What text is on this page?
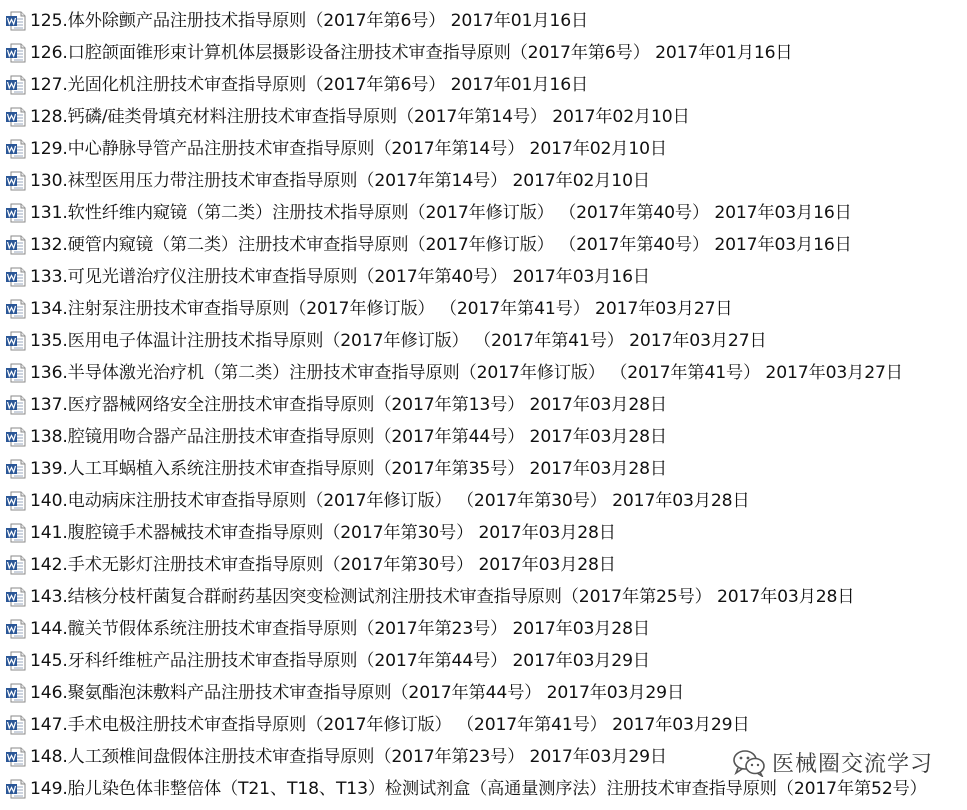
125.体外除颤产品注册技术指导原则（2017年第6号） 2017年01月16日
126.口腔颌面锥形束计算机体层摄影设备注册技术审查指导原则（2017年第6号） 2017年01月16日
127.光固化机注册技术审查指导原则（2017年第6号） 2017年01月16日
128.钙磷/硅类骨填充材料注册技术审查指导原则（2017年第14号） 2017年02月10日
129.中心静脉导管产品注册技术审查指导原则（2017年第14号） 2017年02月10日
130.袜型医用压力带注册技术审查指导原则（2017年第14号） 2017年02月10日
131.软性纤维内窥镜（第二类）注册技术指导原则（2017年修订版） （2017年第40号） 2017年03月16日
132.硬管内窥镜（第二类）注册技术审查指导原则（2017年修订版） （2017年第40号） 2017年03月16日
133.可见光谱治疗仪注册技术审查指导原则（2017年第40号） 2017年03月16日
134.注射泵注册技术审查指导原则（2017年修订版） （2017年第41号） 2017年03月27日
135.医用电子体温计注册技术指导原则（2017年修订版） （2017年第41号） 2017年03月27日
136.半导体激光治疗机（第二类）注册技术审查指导原则（2017年修订版） （2017年第41号） 2017年03月27日
137.医疗器械网络安全注册技术审查指导原则（2017年第13号） 2017年03月28日
138.腔镜用吻合器产品注册技术审查指导原则（2017年第44号） 2017年03月28日
139.人工耳蜗植入系统注册技术审查指导原则（2017年第35号） 2017年03月28日
140.电动病床注册技术审查指导原则（2017年修订版） （2017年第30号） 2017年03月28日
141.腹腔镜手术器械技术审查指导原则（2017年第30号） 2017年03月28日
142.手术无影灯注册技术审查指导原则（2017年第30号） 2017年03月28日
143.结核分枝杆菌复合群耐药基因突变检测试剂注册技术审查指导原则（2017年第25号） 2017年03月28日
144.髋关节假体系统注册技术审查指导原则（2017年第23号） 2017年03月28日
145.牙科纤维桩产品注册技术审查指导原则（2017年第44号） 2017年03月29日
146.聚氨酯泡沫敷料产品注册技术审查指导原则（2017年第44号） 2017年03月29日
147.手术电极注册技术审查指导原则（2017年修订版） （2017年第41号） 2017年03月29日
148.人工颈椎间盘假体注册技术审查指导原则（2017年第23号） 2017年03月29日
149.胎儿染色体非整倍体（T21、T18、T13）检测试剂盒（高通量测序法）注册技术审查指导原则（2017年第52号）
医械圈交流学习
